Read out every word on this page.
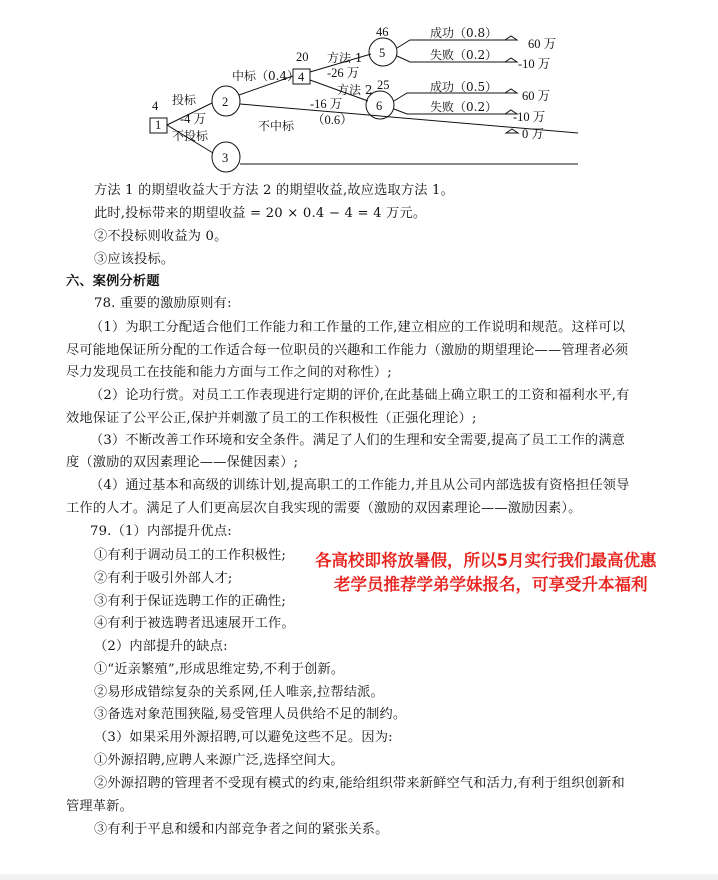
1
4 投标
-4 万
不投标
2
3
中标（0.4）
不中标
4
20 方法 1
-26 万
方法 2
-16 万
（0.6）
5
46	成功（0.8）
失败（0.2）
60 万
-10 万
6
25	成功（0.5）
失败（0.2）
60 万
-10 万
0 万
方法 1 的期望收益大于方法 2 的期望收益,故应选取方法 1。
此时,投标带来的期望收益 = 20 × 0.4 − 4 = 4 万元。
②不投标则收益为 0。
③应该投标。
六、案例分析题
78. 重要的激励原则有:
（1）为职工分配适合他们工作能力和工作量的工作,建立相应的工作说明和规范。这样可以
尽可能地保证所分配的工作适合每一位职员的兴趣和工作能力（激励的期望理论——管理者必须
尽力发现员工在技能和能力方面与工作之间的对称性）;
（2）论功行赏。对员工工作表现进行定期的评价,在此基础上确立职工的工资和福利水平,有
效地保证了公平公正,保护并刺激了员工的工作积极性（正强化理论）;
（3）不断改善工作环境和安全条件。满足了人们的生理和安全需要,提高了员工工作的满意
度（激励的双因素理论——保健因素）;
（4）通过基本和高级的训练计划,提高职工的工作能力,并且从公司内部选拔有资格担任领导
工作的人才。满足了人们更高层次自我实现的需要（激励的双因素理论——激励因素）。
79.（1）内部提升优点:
①有利于调动员工的工作积极性;
②有利于吸引外部人才;
③有利于保证选聘工作的正确性;
④有利于被选聘者迅速展开工作。
（2）内部提升的缺点:
①“近亲繁殖”,形成思维定势,不利于创新。
②易形成错综复杂的关系网,任人唯亲,拉帮结派。
③备选对象范围狭隘,易受管理人员供给不足的制约。
（3）如果采用外源招聘,可以避免这些不足。因为:
①外源招聘,应聘人来源广泛,选择空间大。
②外源招聘的管理者不受现有模式的约束,能给组织带来新鲜空气和活力,有利于组织创新和
管理革新。
③有利于平息和缓和内部竞争者之间的紧张关系。
各高校即将放暑假，所以5月实行我们最高优惠
老学员推荐学弟学妹报名，可享受升本福利
